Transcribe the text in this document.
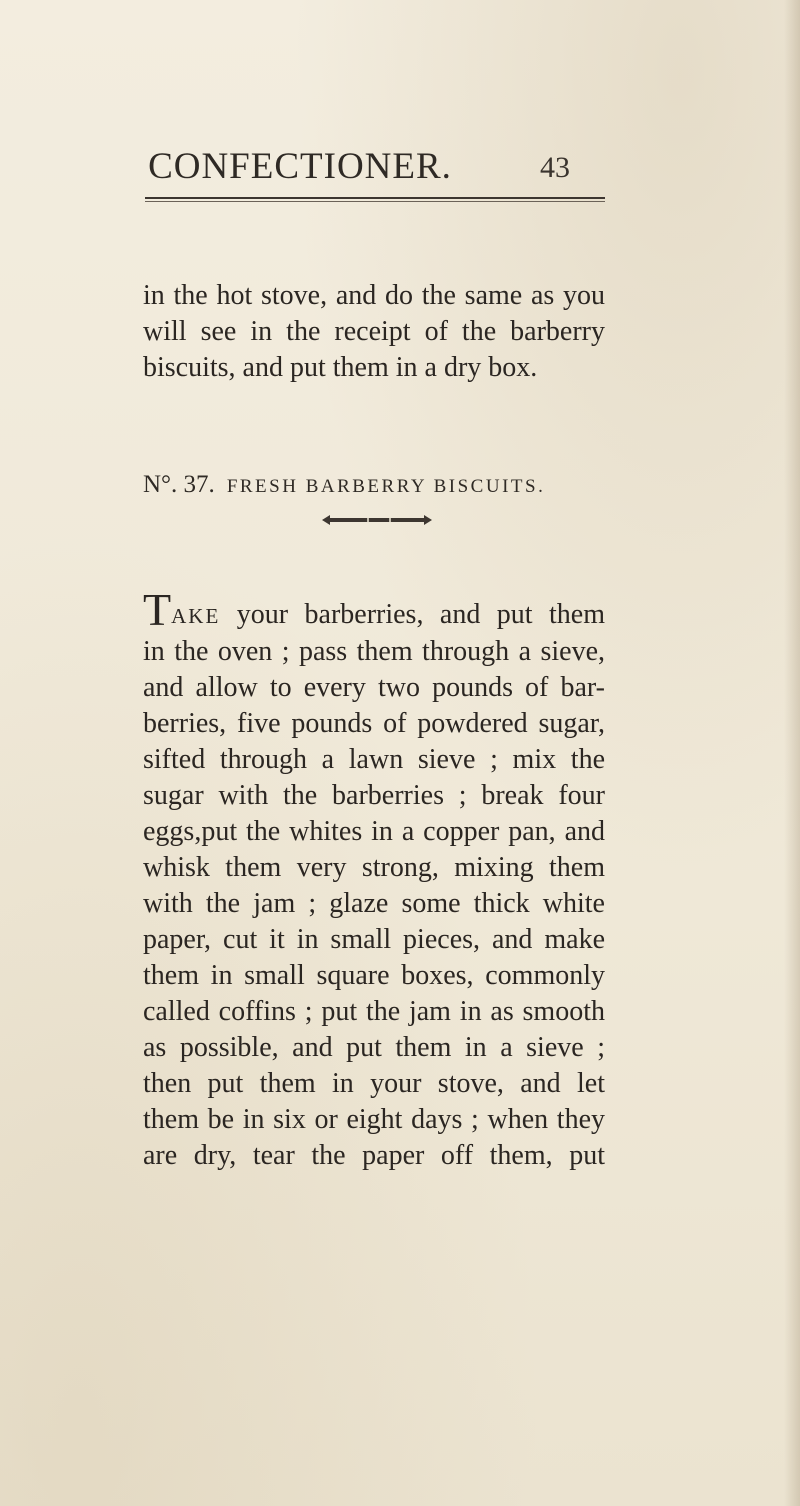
CONFECTIONER.	43

in the hot stove, and do the same as you
will see in the receipt of the barberry
biscuits, and put them in a dry box.

N°. 37. FRESH BARBERRY BISCUITS.

TAKE your barberries, and put them
in the oven ; pass them through a sieve,
and allow to every two pounds of bar-
berries, five pounds of powdered sugar,
sifted through a lawn sieve ; mix the
sugar with the barberries ; break four
eggs,put the whites in a copper pan, and
whisk them very strong, mixing them
with the jam ; glaze some thick white
paper, cut it in small pieces, and make
them in small square boxes, commonly
called coffins ; put the jam in as smooth
as possible, and put them in a sieve ;
then put them in your stove, and let
them be in six or eight days ; when they
are dry, tear the paper off them, put
